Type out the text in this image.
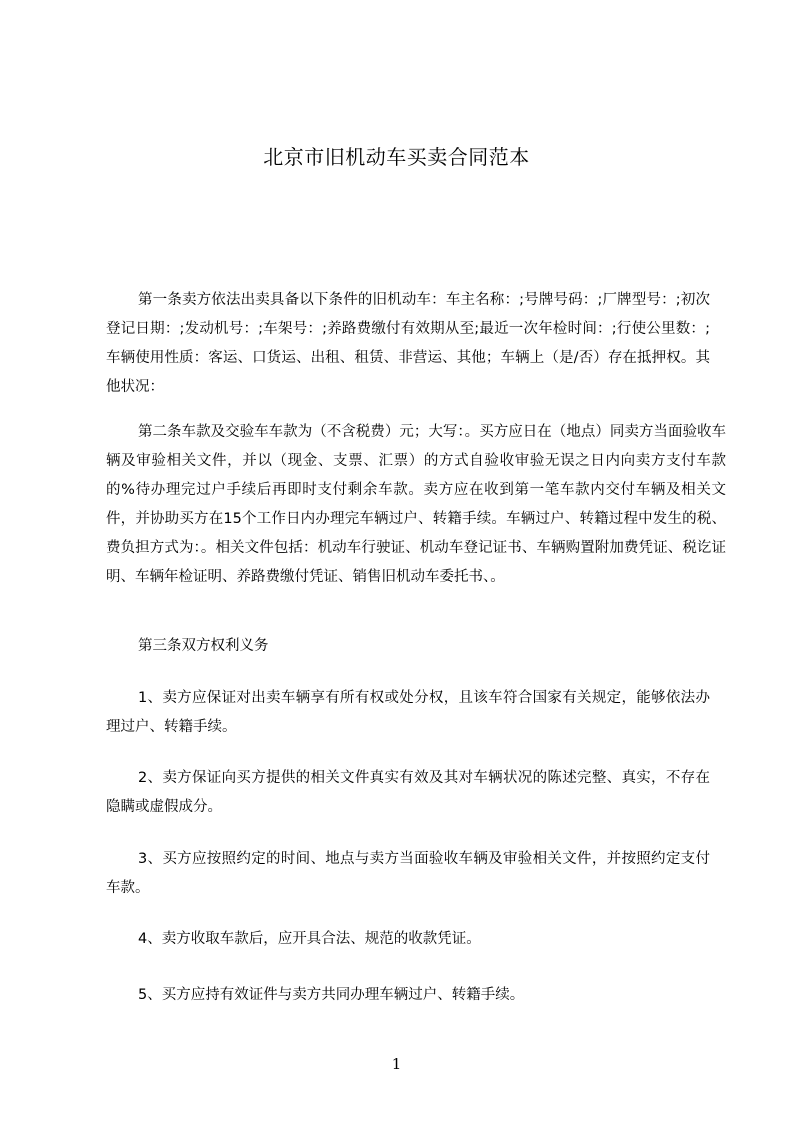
北京市旧机动车买卖合同范本

第一条卖方依法出卖具备以下条件的旧机动车：车主名称：;号牌号码：;厂牌型号：;初次登记日期：;发动机号：;车架号：;养路费缴付有效期从至;最近一次年检时间：;行使公里数：;车辆使用性质：客运、口货运、出租、租赁、非营运、其他；车辆上（是/否）存在抵押权。其他状况：

第二条车款及交验车车款为（不含税费）元；大写：。买方应日在（地点）同卖方当面验收车辆及审验相关文件，并以（现金、支票、汇票）的方式自验收审验无误之日内向卖方支付车款的%待办理完过户手续后再即时支付剩余车款。卖方应在收到第一笔车款内交付车辆及相关文件，并协助买方在15个工作日内办理完车辆过户、转籍手续。车辆过户、转籍过程中发生的税、费负担方式为：。相关文件包括：机动车行驶证、机动车登记证书、车辆购置附加费凭证、税讫证明、车辆年检证明、养路费缴付凭证、销售旧机动车委托书、。

第三条双方权利义务

1、卖方应保证对出卖车辆享有所有权或处分权，且该车符合国家有关规定，能够依法办理过户、转籍手续。

2、卖方保证向买方提供的相关文件真实有效及其对车辆状况的陈述完整、真实，不存在隐瞒或虚假成分。

3、买方应按照约定的时间、地点与卖方当面验收车辆及审验相关文件，并按照约定支付车款。

4、卖方收取车款后，应开具合法、规范的收款凭证。

5、买方应持有效证件与卖方共同办理车辆过户、转籍手续。

1
